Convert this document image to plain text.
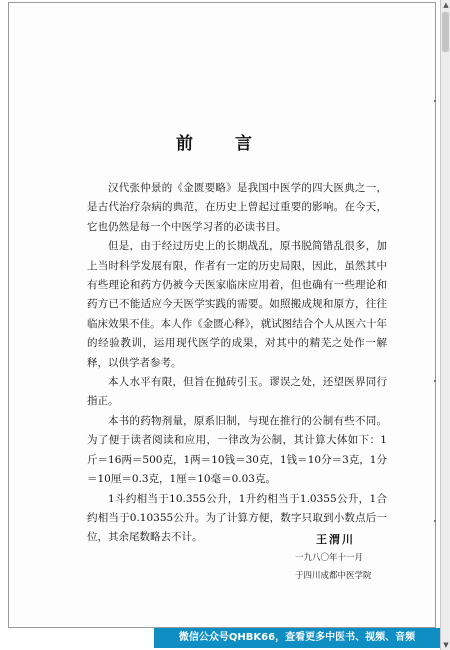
前 言

汉代张仲景的《金匮要略》是我国中医学的四大医典之一，是古代治疗杂病的典范，在历史上曾起过重要的影响。在今天，它也仍然是每一个中医学习者的必读书目。

但是，由于经过历史上的长期战乱，原书脱简错乱很多，加上当时科学发展有限，作者有一定的历史局限，因此，虽然其中有些理论和药方仍被今天医家临床应用着，但也确有一些理论和药方已不能适应今天医学实践的需要。如照搬成规和原方，往往临床效果不佳。本人作《金匮心释》，就试图结合个人从医六十年的经验教训，运用现代医学的成果，对其中的精芜之处作一解释，以供学者参考。

本人水平有限，但旨在抛砖引玉。谬误之处，还望医界同行指正。

本书的药物剂量，原系旧制，与现在推行的公制有些不同。为了便于读者阅读和应用，一律改为公制，其计算大体如下：1斤＝16两＝500克，1两＝10钱＝30克，1钱＝10分＝3克，1分＝10厘＝0.3克，1厘＝10毫＝0.03克。

1斗约相当于10.355公升，1升约相当于1.0355公升，1合约相当于0.10355公升。为了计算方便，数字只取到小数点后一位，其余尾数略去不计。	王渭川
一九八〇年十一月
于四川成都中医学院
▲
▼
微信公众号QHBK66，查看更多中医书、视频、音频
